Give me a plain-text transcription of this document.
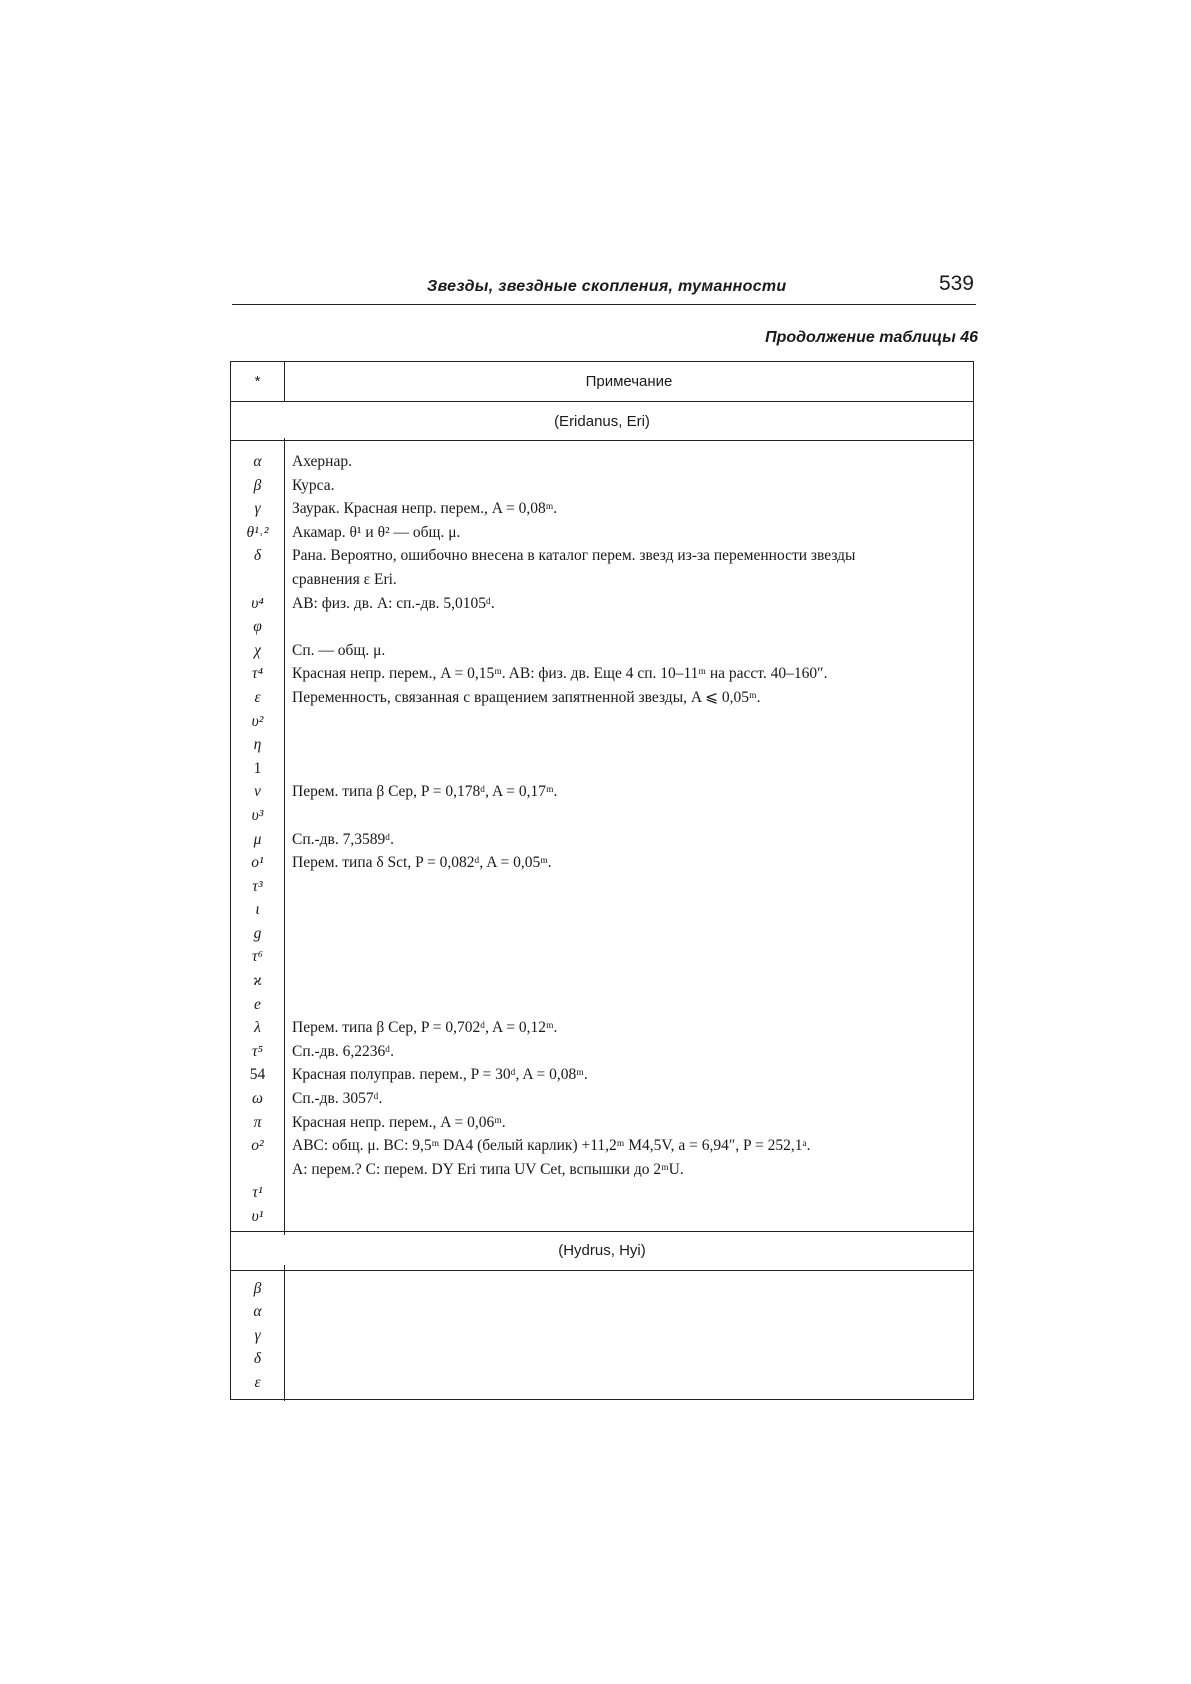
Звезды, звездные скопления, туманности	539
Продолжение таблицы 46
*	Примечание
(Eridanus, Eri)
α	Ахернар.
β	Курса.
γ	Заурак. Красная непр. перем., A = 0,08ᵐ.
θ¹˒²	Акамар. θ¹ и θ² — общ. μ.
δ	Рана. Вероятно, ошибочно внесена в каталог перем. звезд из-за переменности звезды
сравнения ε Eri.
υ⁴	AB: физ. дв. A: сп.-дв. 5,0105ᵈ.
φ
χ	Сп. — общ. μ.
τ⁴	Красная непр. перем., A = 0,15ᵐ. AB: физ. дв. Еще 4 сп. 10–11ᵐ на расст. 40–160″.
ε	Переменность, связанная с вращением запятненной звезды, A ⩽ 0,05ᵐ.
υ²
η
1
ν	Перем. типа β Cep, P = 0,178ᵈ, A = 0,17ᵐ.
υ³
μ	Сп.-дв. 7,3589ᵈ.
o¹	Перем. типа δ Sct, P = 0,082ᵈ, A = 0,05ᵐ.
τ³
ι
g
τ⁶
ϰ
e
λ	Перем. типа β Cep, P = 0,702ᵈ, A = 0,12ᵐ.
τ⁵	Сп.-дв. 6,2236ᵈ.
54	Красная полуправ. перем., P = 30ᵈ, A = 0,08ᵐ.
ω	Сп.-дв. 3057ᵈ.
π	Красная непр. перем., A = 0,06ᵐ.
o²	ABC: общ. μ. BC: 9,5ᵐ DA4 (белый карлик) +11,2ᵐ M4,5V, a = 6,94″, P = 252,1ᵃ.
A: перем.? C: перем. DY Eri типа UV Cet, вспышки до 2ᵐU.
τ¹
υ¹
(Hydrus, Hyi)
β
α
γ
δ
ε
